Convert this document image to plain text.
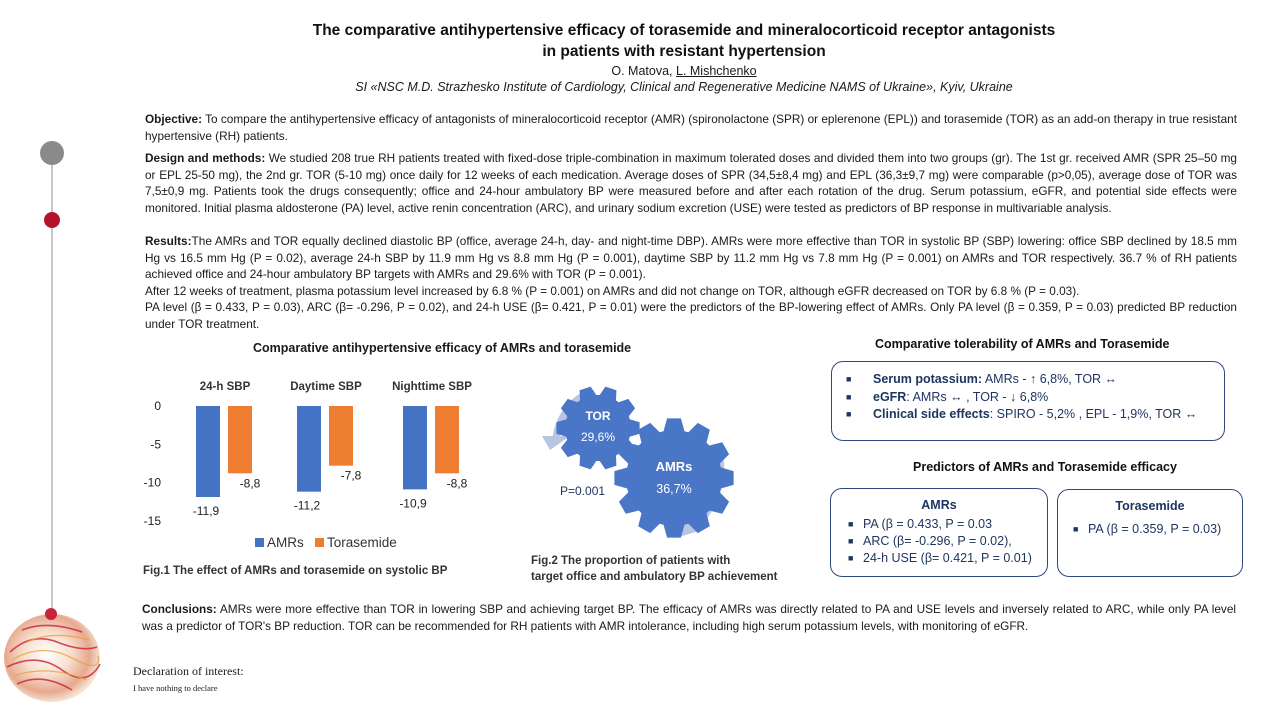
The comparative antihypertensive efficacy of torasemide and mineralocorticoid receptor antagonists
in patients with resistant hypertension
O. Matova, L. Mishchenko
SI «NSC M.D. Strazhesko Institute of Cardiology, Clinical and Regenerative Medicine NAMS of Ukraine», Kyiv, Ukraine
Objective: To compare the antihypertensive efficacy of antagonists of mineralocorticoid receptor (AMR) (spironolactone (SPR) or eplerenone (EPL)) and torasemide (TOR) as an add-on therapy in true resistant hypertensive (RH) patients.
Design and methods: We studied 208 true RH patients treated with fixed-dose triple-combination in maximum tolerated doses and divided them into two groups (gr). The 1st gr. received AMR (SPR 25–50 mg or EPL 25-50 mg), the 2nd gr. TOR (5-10 mg) once daily for 12 weeks of each medication. Average doses of SPR (34,5±8,4 mg) and EPL (36,3±9,7 mg) were comparable (p>0,05), average dose of TOR was 7,5±0,9 mg. Patients took the drugs consequently; office and 24-hour ambulatory BP were measured before and after each rotation of the drug. Serum potassium, eGFR, and potential side effects were monitored. Initial plasma aldosterone (PA) level, active renin concentration (ARC), and urinary sodium excretion (USE) were tested as predictors of BP response in multivariable analysis.
Results:The AMRs and TOR equally declined diastolic BP (office, average 24-h, day- and night-time DBP). AMRs were more effective than TOR in systolic BP (SBP) lowering: office SBP declined by 18.5 mm Hg vs 16.5 mm Hg (P = 0.02), average 24-h SBP by 11.9 mm Hg vs 8.8 mm Hg (P = 0.001), daytime SBP by 11.2 mm Hg vs 7.8 mm Hg (P = 0.001) on AMRs and TOR respectively. 36.7 % of RH patients achieved office and 24-hour ambulatory BP targets with AMRs and 29.6% with TOR (P = 0.001).
After 12 weeks of treatment, plasma potassium level increased by 6.8 % (P = 0.001) on AMRs and did not change on TOR, although eGFR decreased on TOR by 6.8 % (P = 0.03).
PA level (β = 0.433, P = 0.03), ARC (β= -0.296, P = 0.02), and 24-h USE (β= 0.421, P = 0.01) were the predictors of the BP-lowering effect of AMRs. Only PA level (β = 0.359, P = 0.03) predicted BP reduction under TOR treatment.
Comparative antihypertensive efficacy of AMRs and torasemide
0
-5
-10
-15
24-h SBP
-11,9
-8,8
Daytime SBP
-11,2
-7,8
Nighttime SBP
-10,9
-8,8
AMRs Torasemide
Fig.1 The effect of AMRs and torasemide on systolic BP
TOR
29,6%
AMRs
36,7%
P=0.001
Fig.2 The proportion of patients with
target office and ambulatory BP achievement
Comparative tolerability of AMRs and Torasemide
■	Serum potassium: AMRs - ↑ 6,8%, TOR ↔
■	eGFR: AMRs ↔ , TOR - ↓ 6,8%
■	Clinical side effects: SPIRO - 5,2% , EPL - 1,9%, TOR ↔
Predictors of AMRs and Torasemide efficacy
AMRs
■ PA (β = 0.433, P = 0.03
■ ARC (β= -0.296, P = 0.02),
■ 24-h USE (β= 0.421, P = 0.01)
Torasemide
■ PA (β = 0.359, P = 0.03)
Conclusions: AMRs were more effective than TOR in lowering SBP and achieving target BP. The efficacy of AMRs was directly related to PA and USE levels and inversely related to ARC, while only PA level was a predictor of TOR's BP reduction. TOR can be recommended for RH patients with AMR intolerance, including high serum potassium levels, with monitoring of eGFR.
Declaration of interest:
I have nothing to declare
